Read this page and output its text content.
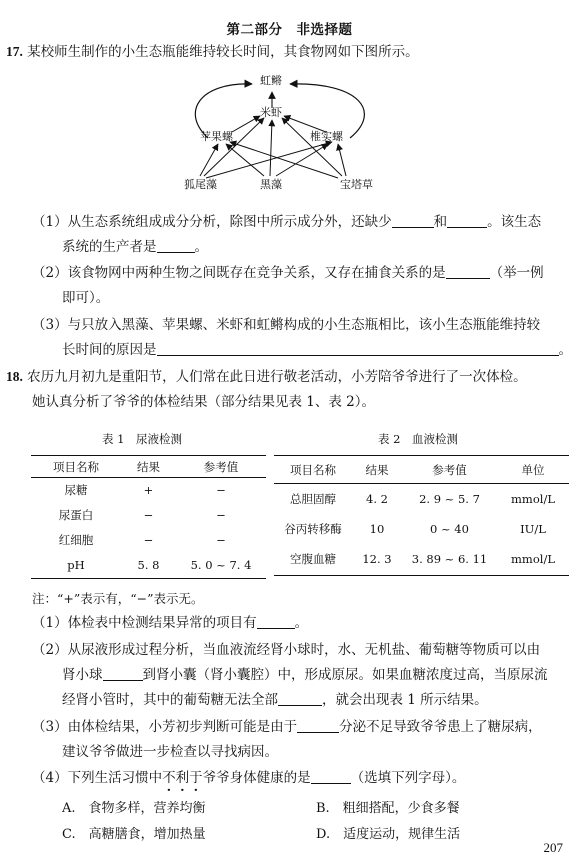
第二部分　非选择题
17. 某校师生制作的小生态瓶能维持较长时间，其食物网如下图所示。
虹鳉
米虾
苹果螺	椎实螺
狐尾藻	黑藻	宝塔草
（1）从生态系统组成成分分析，除图中所示成分外，还缺少	和	。该生态
系统的生产者是	。
（2）该食物网中两种生物之间既存在竞争关系，又存在捕食关系的是	（举一例
即可）。
（3）与只放入黑藻、苹果螺、米虾和虹鳉构成的小生态瓶相比，该小生态瓶能维持较
长时间的原因是	。
18. 农历九月初九是重阳节，人们常在此日进行敬老活动，小芳陪爷爷进行了一次体检。
她认真分析了爷爷的体检结果（部分结果见表 1、表 2）。
表 1　尿液检测	表 2　血液检测
项目名称	结果	参考值
尿糖	+	−
尿蛋白	−	−
红细胞	−	−
pH	5. 8	5. 0 ~ 7. 4
项目名称	结果	参考值	单位
总胆固醇	4. 2	2. 9 ~ 5. 7	mmol/L
谷丙转移酶	10	0 ~ 40	IU/L
空腹血糖	12. 3	3. 89 ~ 6. 11	mmol/L
注：“+”表示有，“−”表示无。
（1）体检表中检测结果异常的项目有	。
（2）从尿液形成过程分析，当血液流经肾小球时，水、无机盐、葡萄糖等物质可以由
肾小球	到肾小囊（肾小囊腔）中，形成原尿。如果血糖浓度过高，当原尿流
经肾小管时，其中的葡萄糖无法全部	，就会出现表 1 所示结果。
（3）由体检结果，小芳初步判断可能是由于	分泌不足导致爷爷患上了糖尿病，
建议爷爷做进一步检查以寻找病因。
（4）下列生活习惯中不利于爷爷身体健康的是	（选填下列字母）。
A.　食物多样，营养均衡	B.　粗细搭配，少食多餐
C.　高糖膳食，增加热量	D.　适度运动，规律生活
207
